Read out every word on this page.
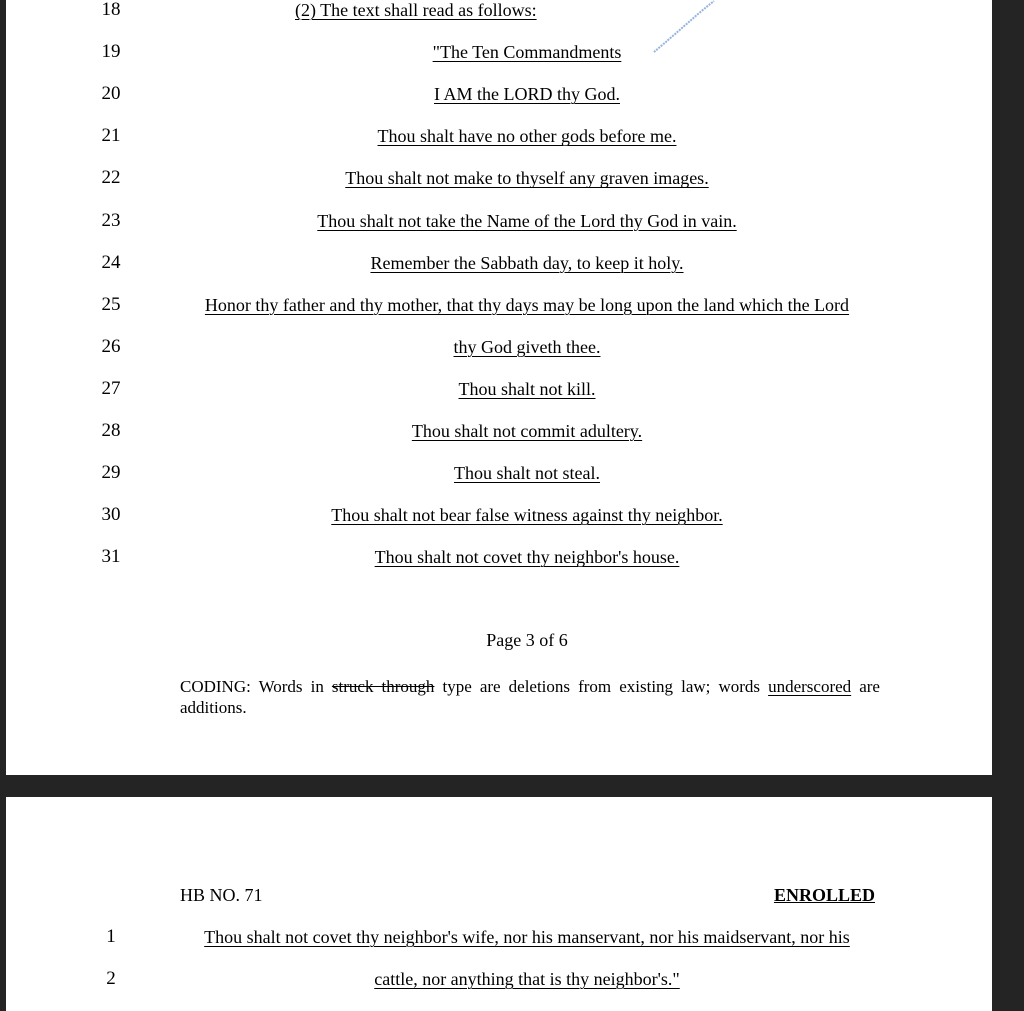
18	(2) The text shall read as follows:
19	"The Ten Commandments
20	I AM the LORD thy God.
21	Thou shalt have no other gods before me.
22	Thou shalt not make to thyself any graven images.
23	Thou shalt not take the Name of the Lord thy God in vain.
24	Remember the Sabbath day, to keep it holy.
25	Honor thy father and thy mother, that thy days may be long upon the land which the Lord
26	thy God giveth thee.
27	Thou shalt not kill.
28	Thou shalt not commit adultery.
29	Thou shalt not steal.
30	Thou shalt not bear false witness against thy neighbor.
31	Thou shalt not covet thy neighbor's house.
Page 3 of 6
CODING: Words in struck through type are deletions from existing law; words underscored are additions.
HB NO. 71	ENROLLED
1	Thou shalt not covet thy neighbor's wife, nor his manservant, nor his maidservant, nor his
2	cattle, nor anything that is thy neighbor's."
